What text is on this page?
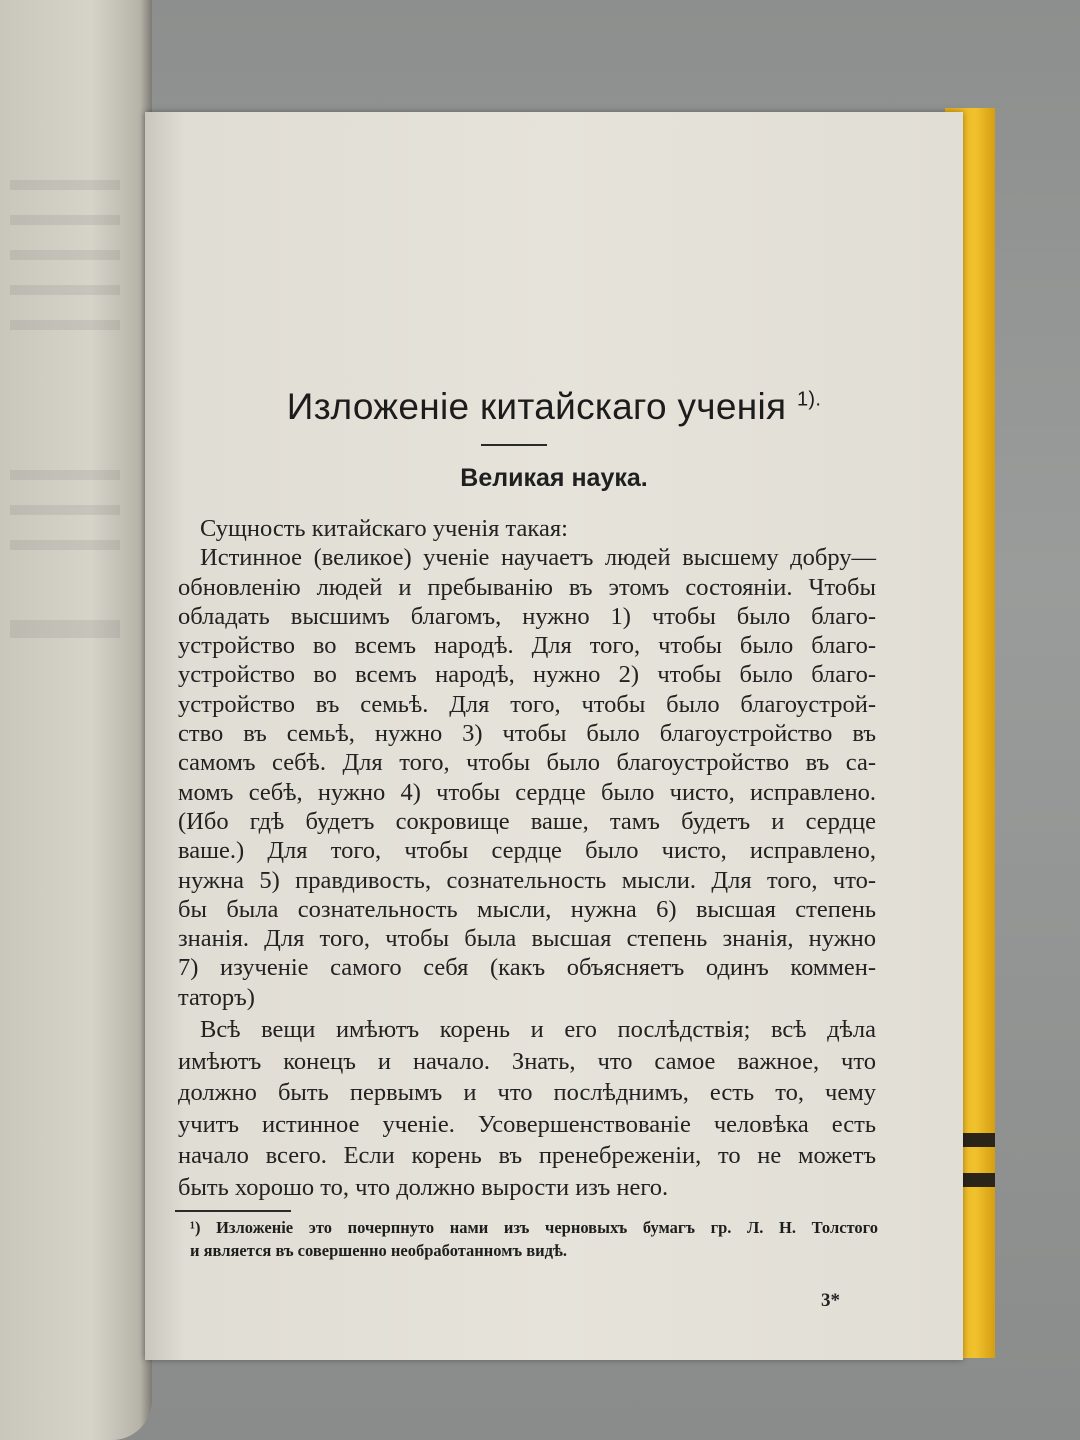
Изложеніе китайскаго ученія $^{1).}$
Великая наука.
Сущность китайскаго ученія такая:
Истинное (великое) ученіе научаетъ людей высшему добру—
обновленію людей и пребыванію въ этомъ состояніи. Чтобы
обладать высшимъ благомъ, нужно 1) чтобы было благо-
устройство во всемъ народѣ. Для того, чтобы было благо-
устройство во всемъ народѣ, нужно 2) чтобы было благо-
устройство въ семьѣ. Для того, чтобы было благоустрой-
ство въ семьѣ, нужно 3) чтобы было благоустройство въ
самомъ себѣ. Для того, чтобы было благоустройство въ са-
момъ себѣ, нужно 4) чтобы сердце было чисто, исправлено.
(Ибо гдѣ будетъ сокровище ваше, тамъ будетъ и сердце
ваше.) Для того, чтобы сердце было чисто, исправлено,
нужна 5) правдивость, сознательность мысли. Для того, что-
бы была сознательность мысли, нужна 6) высшая степень
знанія. Для того, чтобы была высшая степень знанія, нужно
7) изученіе самого себя (какъ объясняетъ одинъ коммен-
таторъ)
Всѣ вещи имѣютъ корень и его послѣдствія; всѣ дѣла
имѣютъ конецъ и начало. Знать, что самое важное, что
должно быть первымъ и что послѣднимъ, есть то, чему
учитъ истинное ученіе. Усовершенствованіе человѣка есть
начало всего. Если корень въ пренебреженіи, то не можетъ
быть хорошо то, что должно вырости изъ него.
¹) Изложеніе это почерпнуто нами изъ черновыхъ бумагъ гр. Л. Н. Толстого
и является въ совершенно необработанномъ видѣ.
3*
